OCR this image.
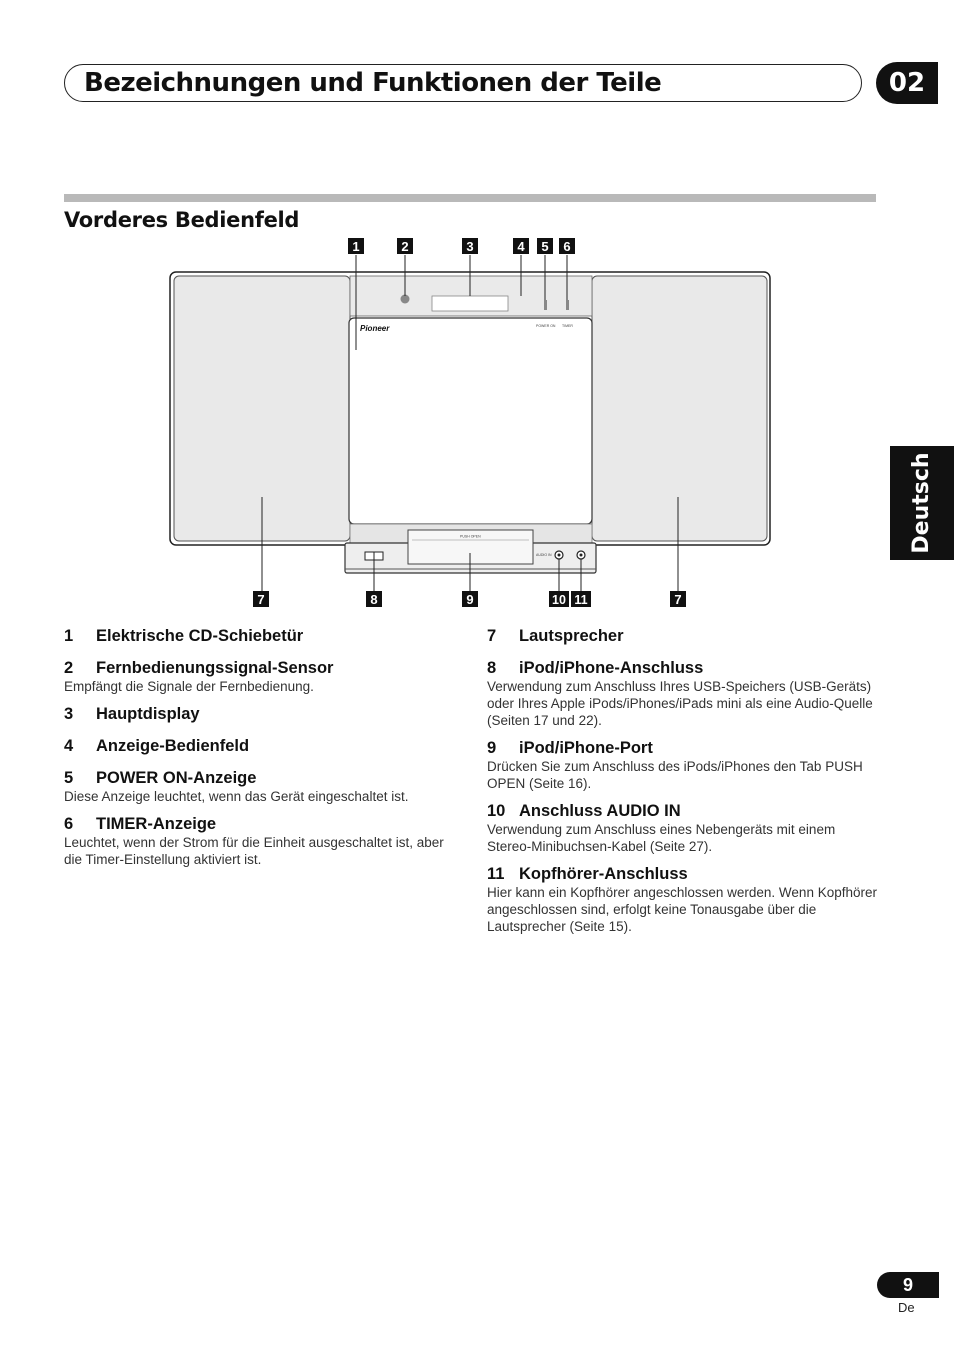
Bezeichnungen und Funktionen der Teile	02
Vorderes Bedienfeld
Deutsch
Pioneer	POWER ON TIMER
PUSH OPEN
AUDIO IN
1	2	3	4 5 6
7	8	9	10 11	7
1	Elektrische CD-Schiebetür
2	Fernbedienungssignal-Sensor
Empfängt die Signale der Fernbedienung.
3	Hauptdisplay
4	Anzeige-Bedienfeld
5	POWER ON-Anzeige
Diese Anzeige leuchtet, wenn das Gerät eingeschaltet ist.
6	TIMER-Anzeige
Leuchtet, wenn der Strom für die Einheit ausgeschaltet ist, aber die Timer-Einstellung aktiviert ist.
7	Lautsprecher
8	iPod/iPhone-Anschluss
Verwendung zum Anschluss Ihres USB-Speichers (USB-Geräts) oder Ihres Apple iPods/iPhones/iPads mini als eine Audio-Quelle (Seiten 17 und 22).
9	iPod/iPhone-Port
Drücken Sie zum Anschluss des iPods/iPhones den Tab PUSH OPEN (Seite 16).
10 Anschluss AUDIO IN
Verwendung zum Anschluss eines Nebengeräts mit einem Stereo-Minibuchsen-Kabel (Seite 27).
11 Kopfhörer-Anschluss
Hier kann ein Kopfhörer angeschlossen werden. Wenn Kopfhörer angeschlossen sind, erfolgt keine Tonausgabe über die Lautsprecher (Seite 15).
9
De
